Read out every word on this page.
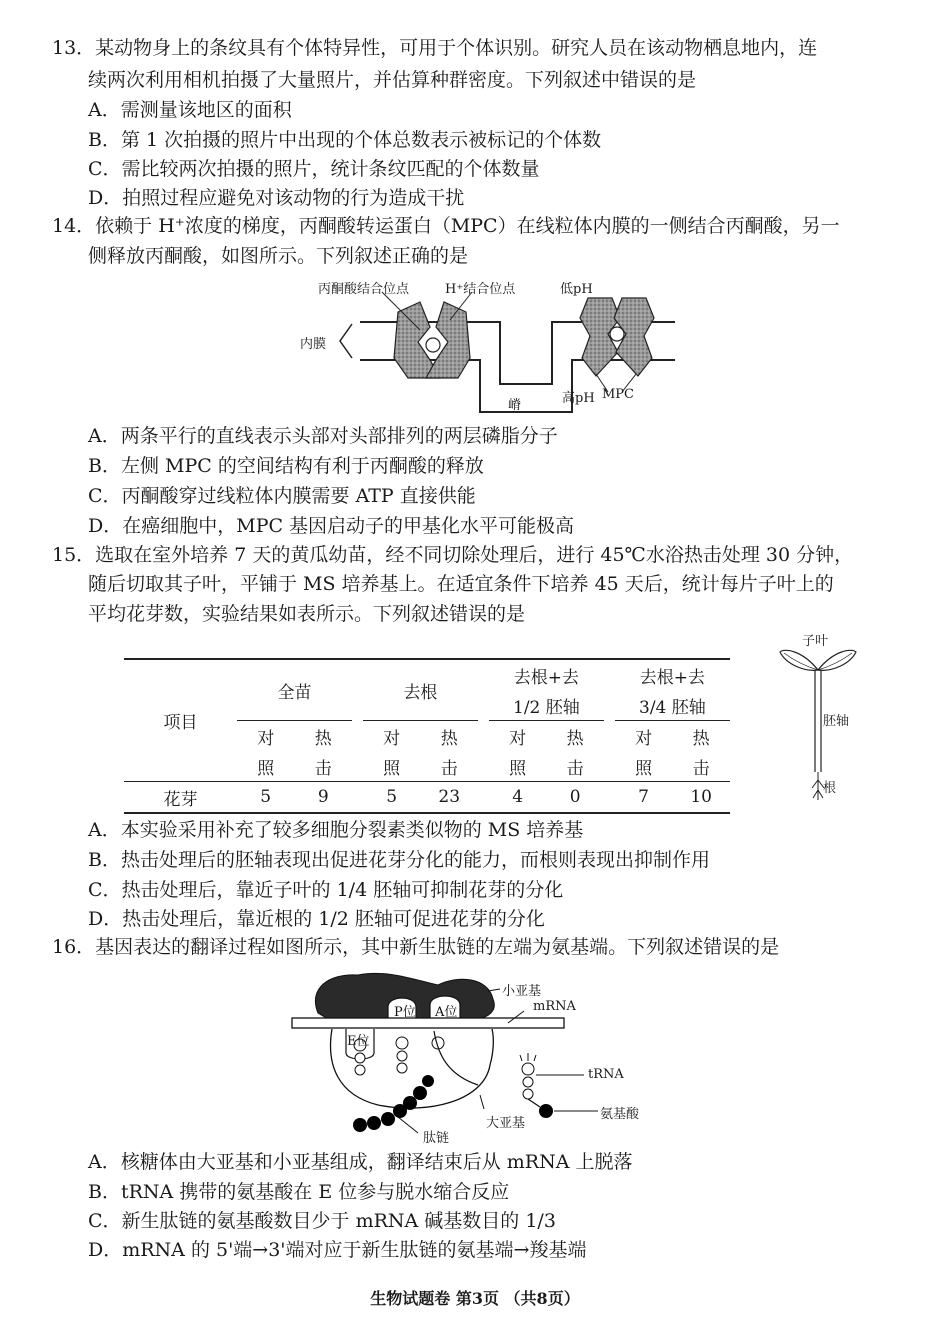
13．某动物身上的条纹具有个体特异性，可用于个体识别。研究人员在该动物栖息地内，连
续两次利用相机拍摄了大量照片，并估算种群密度。下列叙述中错误的是
A．需测量该地区的面积
B．第 1 次拍摄的照片中出现的个体总数表示被标记的个体数
C．需比较两次拍摄的照片，统计条纹匹配的个体数量
D．拍照过程应避免对该动物的行为造成干扰
14．依赖于 H⁺浓度的梯度，丙酮酸转运蛋白（MPC）在线粒体内膜的一侧结合丙酮酸，另一
侧释放丙酮酸，如图所示。下列叙述正确的是
丙酮酸结合位点	H⁺结合位点	低pH
内膜
嵴	高pH MPC
A．两条平行的直线表示头部对头部排列的两层磷脂分子
B．左侧 MPC 的空间结构有利于丙酮酸的释放
C．丙酮酸穿过线粒体内膜需要 ATP 直接供能
D．在癌细胞中，MPC 基因启动子的甲基化水平可能极高
15．选取在室外培养 7 天的黄瓜幼苗，经不同切除处理后，进行 45℃水浴热击处理 30 分钟，
随后切取其子叶，平铺于 MS 培养基上。在适宜条件下培养 45 天后，统计每片子叶上的
平均花芽数，实验结果如表所示。下列叙述错误的是
项目	全苗			去根			去根+去			去根+去	
							1/2 胚轴			3/4 胚轴	
	对	热		对	热		对	热		对	热
	照	击		照	击		照	击		照	击
花芽	5	9		5	23		4	0		7	10
子叶
胚轴
根
A．本实验采用补充了较多细胞分裂素类似物的 MS 培养基
B．热击处理后的胚轴表现出促进花芽分化的能力，而根则表现出抑制作用
C．热击处理后，靠近子叶的 1/4 胚轴可抑制花芽的分化
D．热击处理后，靠近根的 1/2 胚轴可促进花芽的分化
16．基因表达的翻译过程如图所示，其中新生肽链的左端为氨基端。下列叙述错误的是
小亚基
mRNA
P位 A位
E位
tRNA
氨基酸
大亚基
肽链
A．核糖体由大亚基和小亚基组成，翻译结束后从 mRNA 上脱落
B．tRNA 携带的氨基酸在 E 位参与脱水缩合反应
C．新生肽链的氨基酸数目少于 mRNA 碱基数目的 1/3
D．mRNA 的 5'端→3'端对应于新生肽链的氨基端→羧基端
生物试题卷 第3页 （共8页）
